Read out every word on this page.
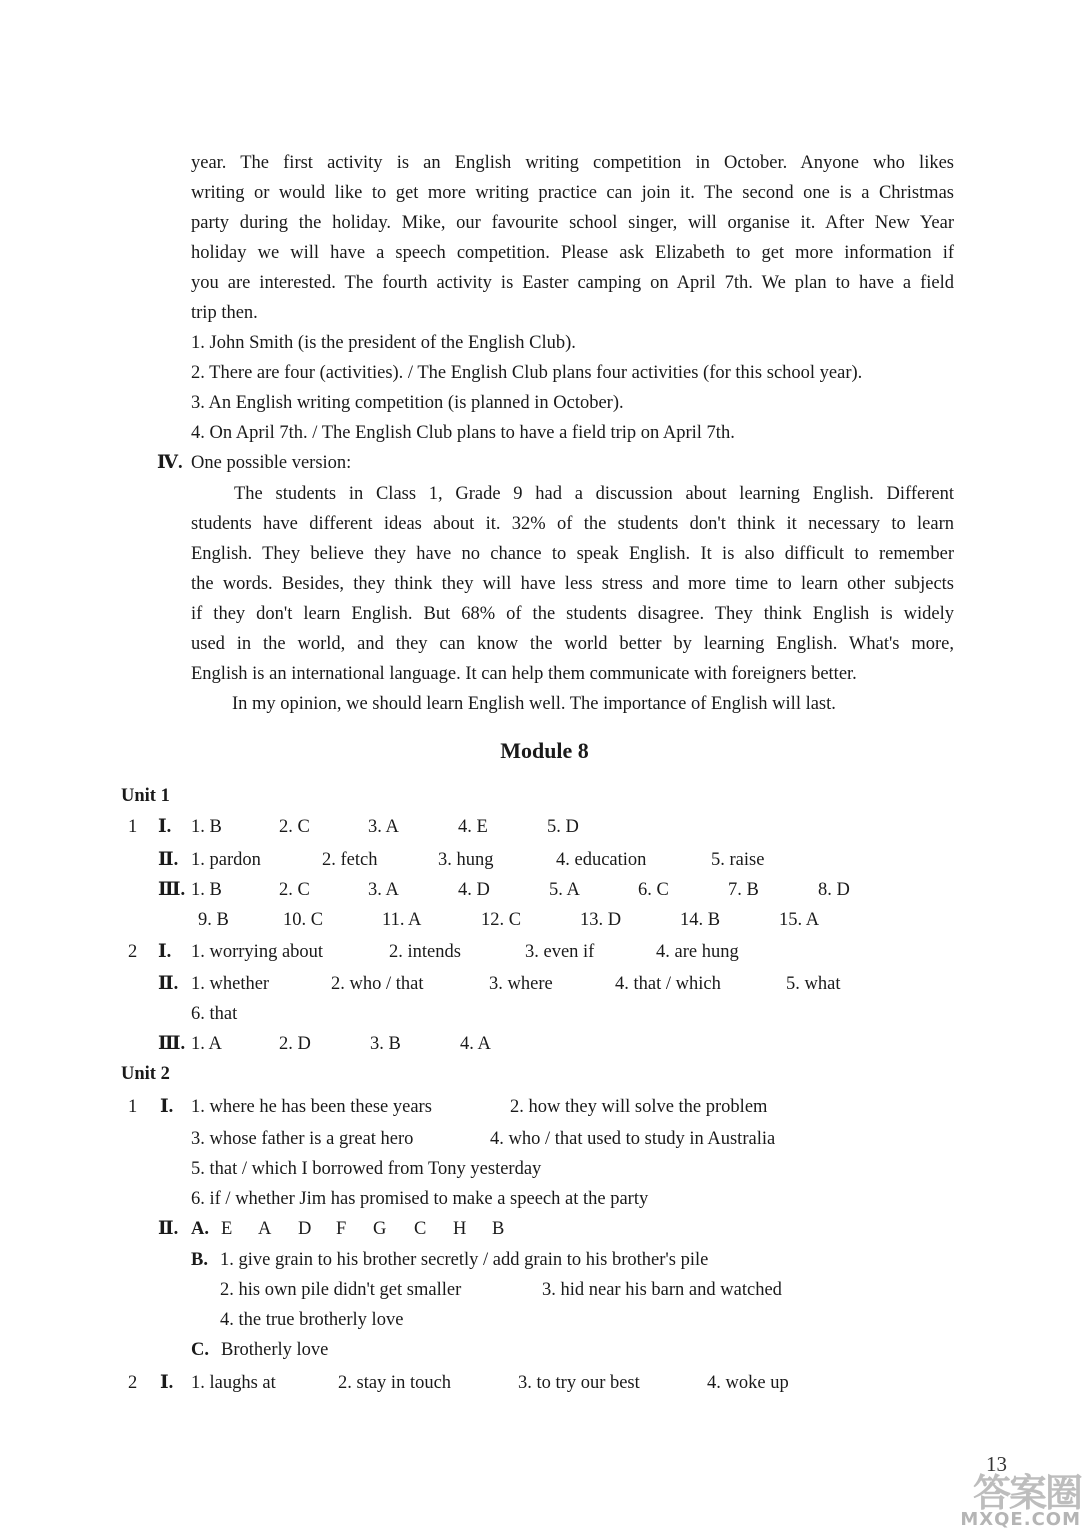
year. The first activity is an English writing competition in October. Anyone who likes
writing or would like to get more writing practice can join it. The second one is a Christmas
party during the holiday. Mike, our favourite school singer, will organise it. After New Year
holiday we will have a speech competition. Please ask Elizabeth to get more information if
you are interested. The fourth activity is Easter camping on April 7th. We plan to have a field
trip then.
1. John Smith (is the president of the English Club).
2. There are four (activities). / The English Club plans four activities (for this school year).
3. An English writing competition (is planned in October).
4. On April 7th. / The English Club plans to have a field trip on April 7th.
Ⅳ. One possible version:
The students in Class 1, Grade 9 had a discussion about learning English. Different
students have different ideas about it. 32% of the students don't think it necessary to learn
English. They believe they have no chance to speak English. It is also difficult to remember
the words. Besides, they think they will have less stress and more time to learn other subjects
if they don't learn English. But 68% of the students disagree. They think English is widely
used in the world, and they can know the world better by learning English. What's more,
English is an international language. It can help them communicate with foreigners better.
In my opinion, we should learn English well. The importance of English will last.
Module 8
Unit 1
1 Ⅰ. 1. B	2. C	3. A	4. E	5. D
Ⅱ. 1. pardon	2. fetch	3. hung	4. education	5. raise
Ⅲ. 1. B	2. C	3. A	4. D	5. A	6. C	7. B	8. D
9. B	10. C	11. A	12. C	13. D	14. B	15. A
2 Ⅰ. 1. worrying about	2. intends	3. even if	4. are hung
Ⅱ. 1. whether	2. who / that	3. where	4. that / which	5. what
6. that
Ⅲ. 1. A	2. D	3. B	4. A
Unit 2
1 Ⅰ. 1. where he has been these years	2. how they will solve the problem
3. whose father is a great hero	4. who / that used to study in Australia
5. that / which I borrowed from Tony yesterday
6. if / whether Jim has promised to make a speech at the party
Ⅱ. A. E A D F G C H B
B. 1. give grain to his brother secretly / add grain to his brother's pile
2. his own pile didn't get smaller	3. hid near his barn and watched
4. the true brotherly love
C. Brotherly love
2 Ⅰ. 1. laughs at	2. stay in touch	3. to try our best	4. woke up
13
答案圈
MXQE.COM
